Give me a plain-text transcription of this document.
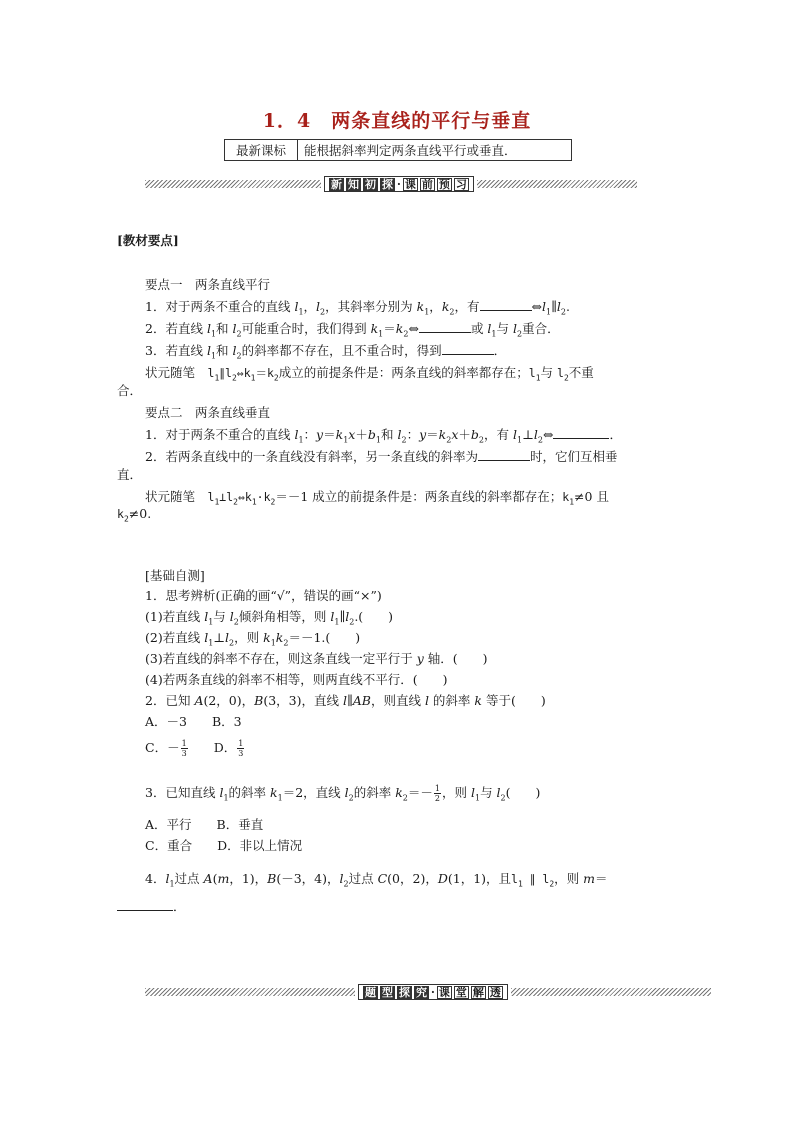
1．4　两条直线的平行与垂直
最新课标	能根据斜率判定两条直线平行或垂直．
新 知 初 探 · 课 前 预 习
[教材要点]
要点一　两条直线平行
1．对于两条不重合的直线 $l_1$，$l_2$，其斜率分别为 $k_1$，$k_2$，有	$\Leftrightarrow l_1\parallel l_2$.
2．若直线 $l_1$和 $l_2$可能重合时，我们得到 $k_1=k_2\Leftrightarrow$	或 $l_1$与 $l_2$重合．
3．若直线 $l_1$和 $l_2$的斜率都不存在，且不重合时，得到	．
状元随笔　$l_1\parallel l_2\Leftrightarrow k_1=k_2$成立的前提条件是：两条直线的斜率都存在；$l_1$与 $l_2$不重
合．
要点二　两条直线垂直
1．对于两条不重合的直线 $l_1$：$y=k_1x+b_1$和 $l_2$：$y=k_2x+b_2$，有 $l_1\perp l_2\Leftrightarrow$	．
2．若两条直线中的一条直线没有斜率，另一条直线的斜率为	时，它们互相垂
直．
状元随笔　$l_1\perp l_2\Leftrightarrow k_1\cdot k_2=-1$ 成立的前提条件是：两条直线的斜率都存在；$k_1\ne 0$ 且
$k_2\ne 0$.
[基础自测]
1．思考辨析(正确的画“√”，错误的画“×”)
(1)若直线 $l_1$与 $l_2$倾斜角相等，则 $l_1\parallel l_2$.(　　)
(2)若直线 $l_1\perp l_2$，则 $k_1k_2=-1$.(　　)
(3)若直线的斜率不存在，则这条直线一定平行于 y 轴．(　　)
(4)若两条直线的斜率不相等，则两直线不平行．(　　)
2．已知 A(2，0)，B(3，3)，直线 l∥AB，则直线 l 的斜率 k 等于(　　)
A．－3　　 B．3
C．－ $\frac{1}{3}$
　　 D． $\frac{1}{3}$
3．已知直线 $l_1$的斜率 $k_1=2$，直线 $l_2$的斜率 $k_2=- \frac{1}{2}$ ，则 $l_1$与 $l_2$(　　)
A．平行　　 B．垂直
C．重合　　 D．非以上情况
4．$l_1$过点 A(m，1)，B(－3，4)，$l_2$过点 C(0，2)，D(1，1)，且$l_1$ ∥ $l_2$，则 m＝
．
题 型 探 究 · 课 堂 解 透
